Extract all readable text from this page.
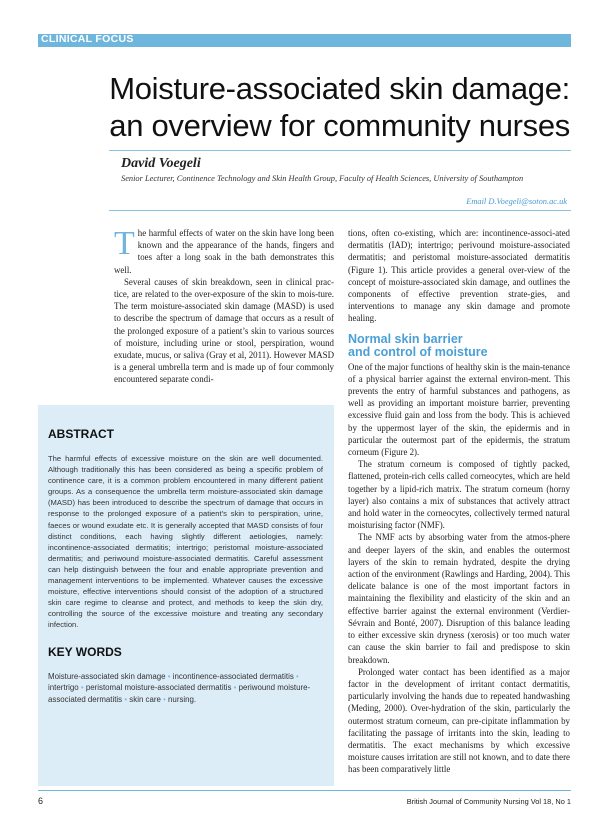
CLINICAL FOCUS
Moisture-associated skin damage:
an overview for community nurses
David Voegeli
Senior Lecturer, Continence Technology and Skin Health Group, Faculty of Health Sciences, University of Southampton
Email D.Voegeli@soton.ac.uk

The harmful effects of water on the skin have long been known and the appearance of the hands, fingers and toes after a long soak in the bath demonstrates this well.

Several causes of skin breakdown, seen in clinical prac-tice, are related to the over-exposure of the skin to mois-ture. The term moisture-associated skin damage (MASD) is used to describe the spectrum of damage that occurs as a result of the prolonged exposure of a patient’s skin to various sources of moisture, including urine or stool, perspiration, wound exudate, mucus, or saliva (Gray et al, 2011). However MASD is a general umbrella term and is made up of four commonly encountered separate condi-

tions, often co-existing, which are: incontinence-associ-ated dermatitis (IAD); intertrigo; perivound moisture-associated dermatitis; and peristomal moisture-associated dermatitis (Figure 1). This article provides a general over-view of the concept of moisture-associated skin damage, and outlines the components of effective prevention strate-gies, and interventions to manage any skin damage and promote healing.

Normal skin barrier
and control of moisture

One of the major functions of healthy skin is the main-tenance of a physical barrier against the external environ-ment. This prevents the entry of harmful substances and pathogens, as well as providing an important moisture barrier, preventing excessive fluid gain and loss from the body. This is achieved by the uppermost layer of the skin, the epidermis and in particular the outermost part of the epidermis, the stratum corneum (Figure 2).

The stratum corneum is composed of tightly packed, flattened, protein-rich cells called corneocytes, which are held together by a lipid-rich matrix. The stratum corneum (horny layer) also contains a mix of substances that actively attract and hold water in the corneocytes, collectively termed natural moisturising factor (NMF).

The NMF acts by absorbing water from the atmos-phere and deeper layers of the skin, and enables the outermost layers of the skin to remain hydrated, despite the drying action of the environment (Rawlings and Harding, 2004). This delicate balance is one of the most important factors in maintaining the flexibility and elasticity of the skin and an effective barrier against the external environment (Verdier-Sévrain and Bonté, 2007). Disruption of this balance leading to either excessive skin dryness (xerosis) or too much water can cause the skin barrier to fail and predispose to skin breakdown.

Prolonged water contact has been identified as a major factor in the development of irritant contact dermatitis, particularly involving the hands due to repeated handwashing (Meding, 2000). Over-hydration of the skin, particularly the outermost stratum corneum, can pre-cipitate inflammation by facilitating the passage of irritants into the skin, leading to dermatitis. The exact mechanisms by which excessive moisture causes irritation are still not known, and to date there has been comparatively little

ABSTRACT

The harmful effects of excessive moisture on the skin are well documented. Although traditionally this has been considered as being a specific problem of continence care, it is a common problem encountered in many different patient groups. As a consequence the umbrella term moisture-associated skin damage (MASD) has been introduced to describe the spectrum of damage that occurs in response to the prolonged exposure of a patient’s skin to perspiration, urine, faeces or wound exudate etc. It is generally accepted that MASD consists of four distinct conditions, each having slightly different aetiologies, namely: incontinence-associated dermatitis; intertrigo; peristomal moisture-associated dermatitis; and periwound moisture-associated dermatitis. Careful assessment can help distinguish between the four and enable appropriate prevention and management interventions to be implemented. Whatever causes the excessive moisture, effective interventions should consist of the adoption of a structured skin care regime to cleanse and protect, and methods to keep the skin dry, controlling the source of the excessive moisture and treating any secondary infection.

KEY WORDS
Moisture-associated skin damage • incontinence-associated dermatitis • intertrigo • peristomal moisture-associated dermatitis • periwound moisture-associated dermatitis • skin care • nursing.
6	British Journal of Community Nursing Vol 18, No 1
